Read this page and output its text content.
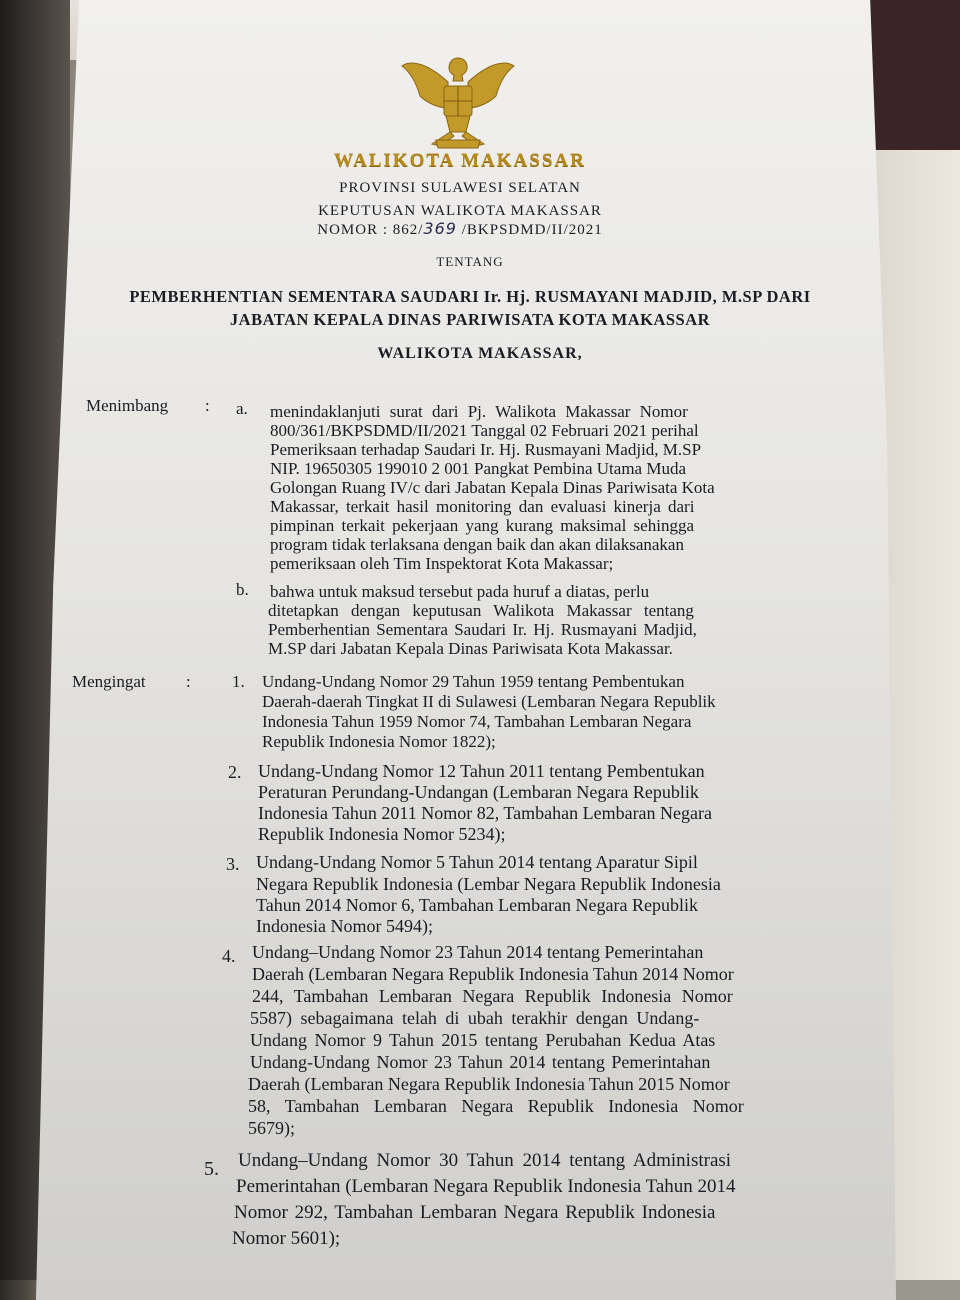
WALIKOTA MAKASSAR
PROVINSI SULAWESI SELATAN
KEPUTUSAN WALIKOTA MAKASSAR
NOMOR : 862/369 /BKPSDMD/II/2021
TENTANG
PEMBERHENTIAN SEMENTARA SAUDARI Ir. Hj. RUSMAYANI MADJID, M.SP DARI
JABATAN KEPALA DINAS PARIWISATA KOTA MAKASSAR
WALIKOTA MAKASSAR,
Menimbang : a. menindaklanjuti surat dari Pj. Walikota Makassar Nomor
800/361/BKPSDMD/II/2021 Tanggal 02 Februari 2021 perihal
Pemeriksaan terhadap Saudari Ir. Hj. Rusmayani Madjid, M.SP
NIP. 19650305 199010 2 001 Pangkat Pembina Utama Muda
Golongan Ruang IV/c dari Jabatan Kepala Dinas Pariwisata Kota
Makassar, terkait hasil monitoring dan evaluasi kinerja dari
pimpinan terkait pekerjaan yang kurang maksimal sehingga
program tidak terlaksana dengan baik dan akan dilaksanakan
pemeriksaan oleh Tim Inspektorat Kota Makassar;
b. bahwa untuk maksud tersebut pada huruf a diatas, perlu
ditetapkan dengan keputusan Walikota Makassar tentang
Pemberhentian Sementara Saudari Ir. Hj. Rusmayani Madjid,
M.SP dari Jabatan Kepala Dinas Pariwisata Kota Makassar.
Mengingat : 1. Undang-Undang Nomor 29 Tahun 1959 tentang Pembentukan
Daerah-daerah Tingkat II di Sulawesi (Lembaran Negara Republik
Indonesia Tahun 1959 Nomor 74, Tambahan Lembaran Negara
Republik Indonesia Nomor 1822);
2. Undang-Undang Nomor 12 Tahun 2011 tentang Pembentukan
Peraturan Perundang-Undangan (Lembaran Negara Republik
Indonesia Tahun 2011 Nomor 82, Tambahan Lembaran Negara
Republik Indonesia Nomor 5234);
3. Undang-Undang Nomor 5 Tahun 2014 tentang Aparatur Sipil
Negara Republik Indonesia (Lembar Negara Republik Indonesia
Tahun 2014 Nomor 6, Tambahan Lembaran Negara Republik
Indonesia Nomor 5494);
4. Undang–Undang Nomor 23 Tahun 2014 tentang Pemerintahan
Daerah (Lembaran Negara Republik Indonesia Tahun 2014 Nomor
244, Tambahan Lembaran Negara Republik Indonesia Nomor
5587) sebagaimana telah di ubah terakhir dengan Undang-
Undang Nomor 9 Tahun 2015 tentang Perubahan Kedua Atas
Undang-Undang Nomor 23 Tahun 2014 tentang Pemerintahan
Daerah (Lembaran Negara Republik Indonesia Tahun 2015 Nomor
58, Tambahan Lembaran Negara Republik Indonesia Nomor
5679);
5. Undang–Undang Nomor 30 Tahun 2014 tentang Administrasi
Pemerintahan (Lembaran Negara Republik Indonesia Tahun 2014
Nomor 292, Tambahan Lembaran Negara Republik Indonesia
Nomor 5601);
